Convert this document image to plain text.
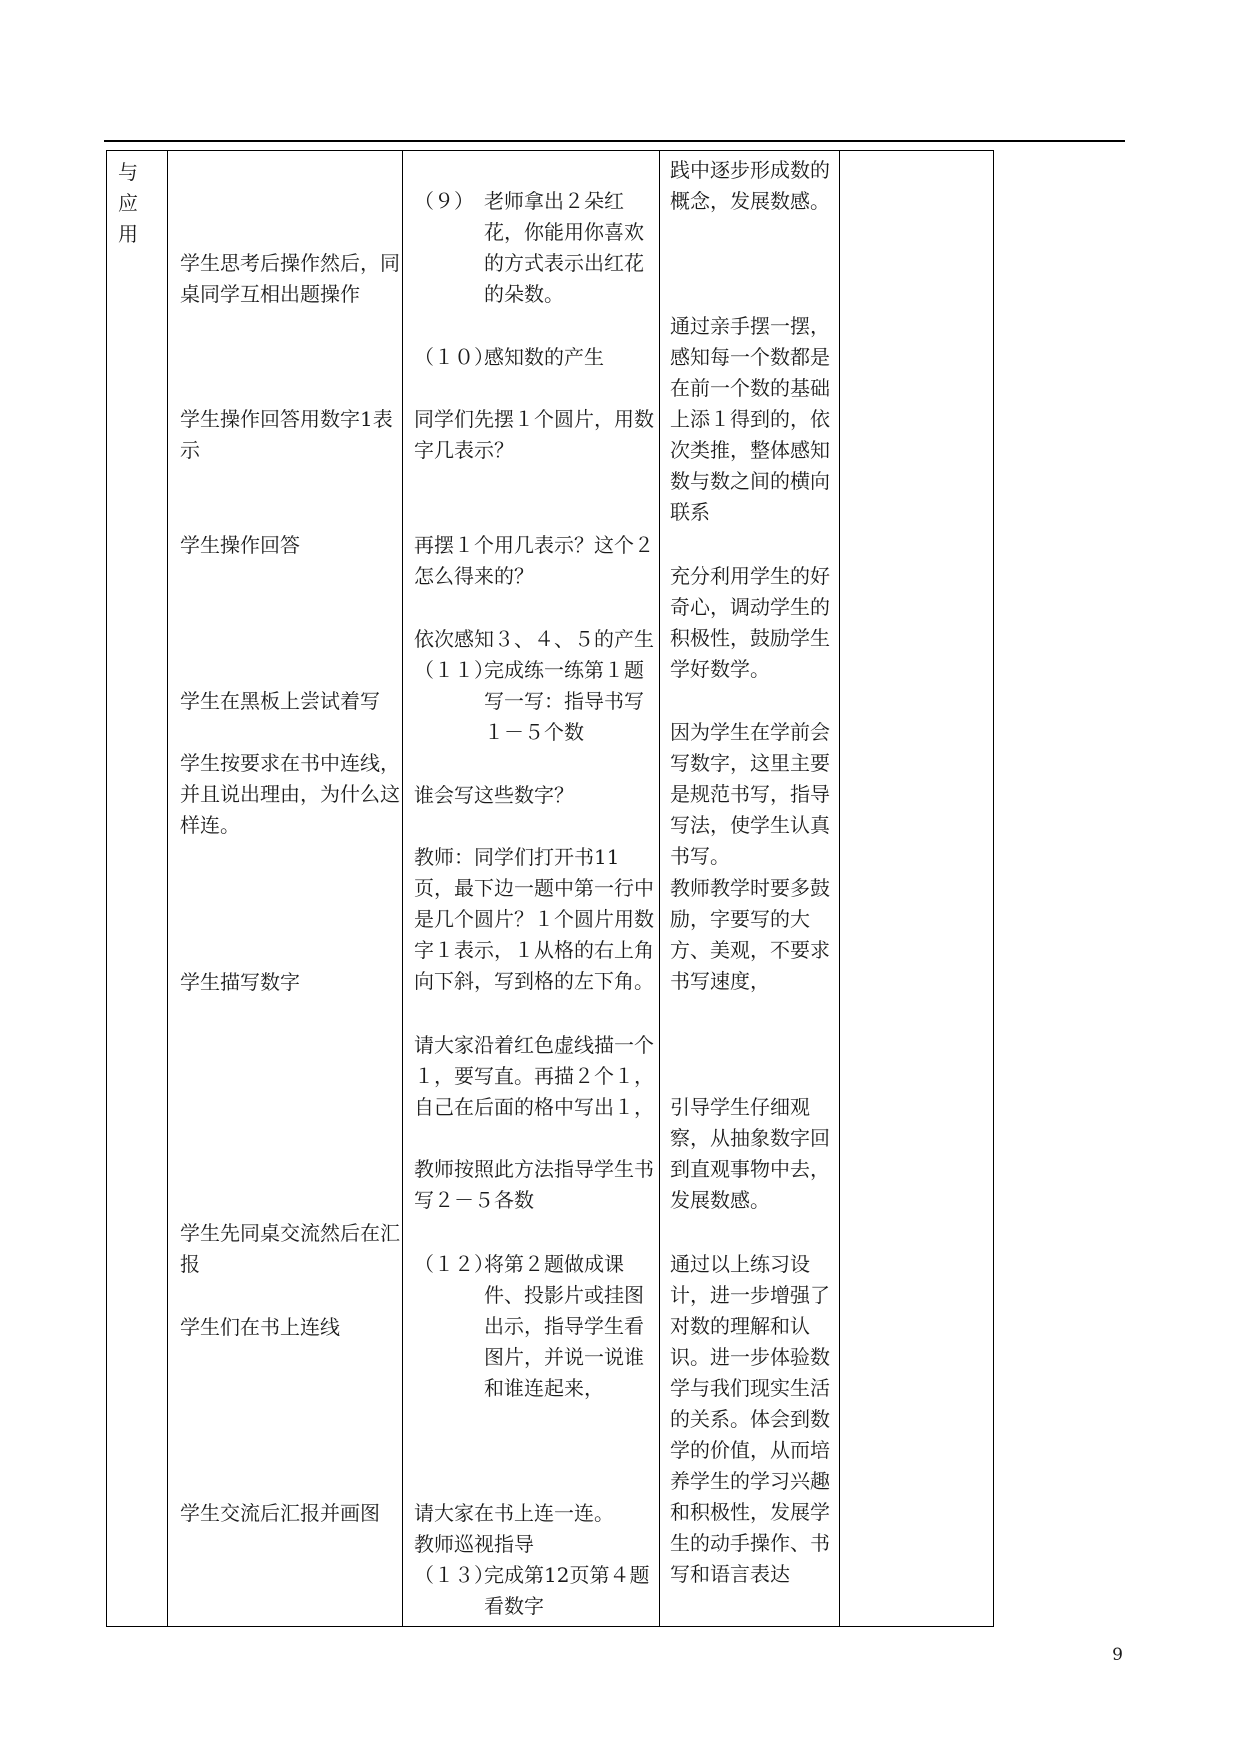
与
应
用

学生思考后操作然后，同桌同学互相出题操作

学生操作回答用数字1表示

学生操作回答

学生在黑板上尝试着写

学生按要求在书中连线，并且说出理由，为什么这样连。

学生描写数字

学生先同桌交流然后在汇报

学生们在书上连线

学生交流后汇报并画图

（９） 老师拿出２朵红花，你能用你喜欢的方式表示出红花的朵数。

（１０）

感知数的产生

同学们先摆１个圆片，用数字几表示？

再摆１个用几表示？这个２怎么得来的？

依次感知３、４、５的产生

（１１）

完成练一练第１题写一写：指导书写１－５个数

谁会写这些数字？

教师：同学们打开书11页，最下边一题中第一行中是几个圆片？１个圆片用数字１表示，１从格的右上角向下斜，写到格的左下角。

请大家沿着红色虚线描一个１，要写直。再描２个１，自己在后面的格中写出１，

教师按照此方法指导学生书写２－５各数

（１２）

将第２题做成课件、投影片或挂图出示，指导学生看图片，并说一说谁和谁连起来，

请大家在书上连一连。

教师巡视指导

（１３）

完成第12页第４题看数字

践中逐步形成数的概念，发展数感。

通过亲手摆一摆，感知每一个数都是在前一个数的基础上添１得到的，依次类推，整体感知数与数之间的横向联系

充分利用学生的好奇心，调动学生的积极性，鼓励学生学好数学。

因为学生在学前会写数字，这里主要是规范书写，指导写法，使学生认真书写。

教师教学时要多鼓励，字要写的大方、美观，不要求书写速度，

引导学生仔细观察，从抽象数字回到直观事物中去，发展数感。

通过以上练习设计，进一步增强了对数的理解和认识。进一步体验数学与我们现实生活的关系。体会到数学的价值，从而培养学生的学习兴趣和积极性，发展学生的动手操作、书写和语言表达

9
